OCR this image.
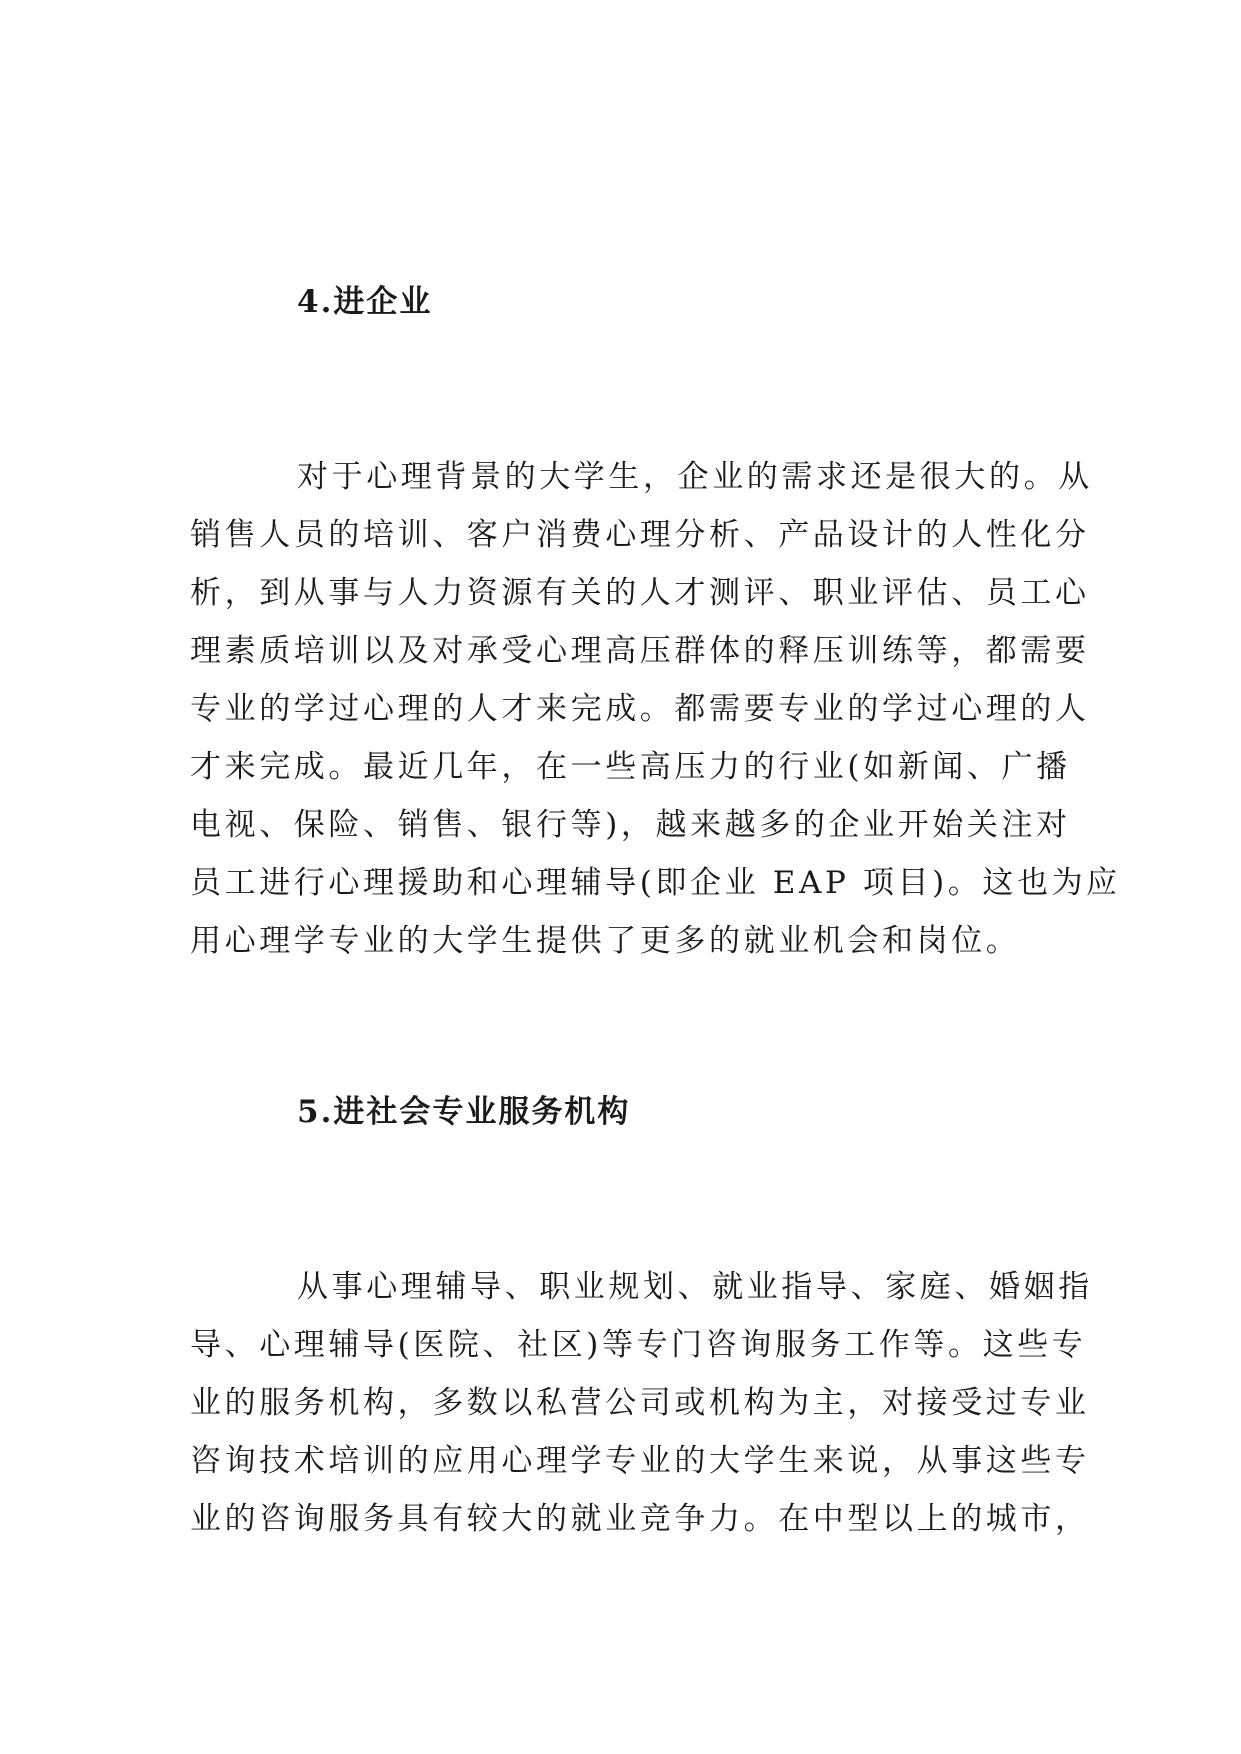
4.进企业
对于心理背景的大学生，企业的需求还是很大的。从
销售人员的培训、客户消费心理分析、产品设计的人性化分
析，到从事与人力资源有关的人才测评、职业评估、员工心
理素质培训以及对承受心理高压群体的释压训练等，都需要
专业的学过心理的人才来完成。都需要专业的学过心理的人
才来完成。最近几年，在一些高压力的行业(如新闻、广播
电视、保险、销售、银行等)，越来越多的企业开始关注对
员工进行心理援助和心理辅导(即企业 EAP 项目)。这也为应
用心理学专业的大学生提供了更多的就业机会和岗位。
5.进社会专业服务机构
从事心理辅导、职业规划、就业指导、家庭、婚姻指
导、心理辅导(医院、社区)等专门咨询服务工作等。这些专
业的服务机构，多数以私营公司或机构为主，对接受过专业
咨询技术培训的应用心理学专业的大学生来说，从事这些专
业的咨询服务具有较大的就业竞争力。在中型以上的城市，
